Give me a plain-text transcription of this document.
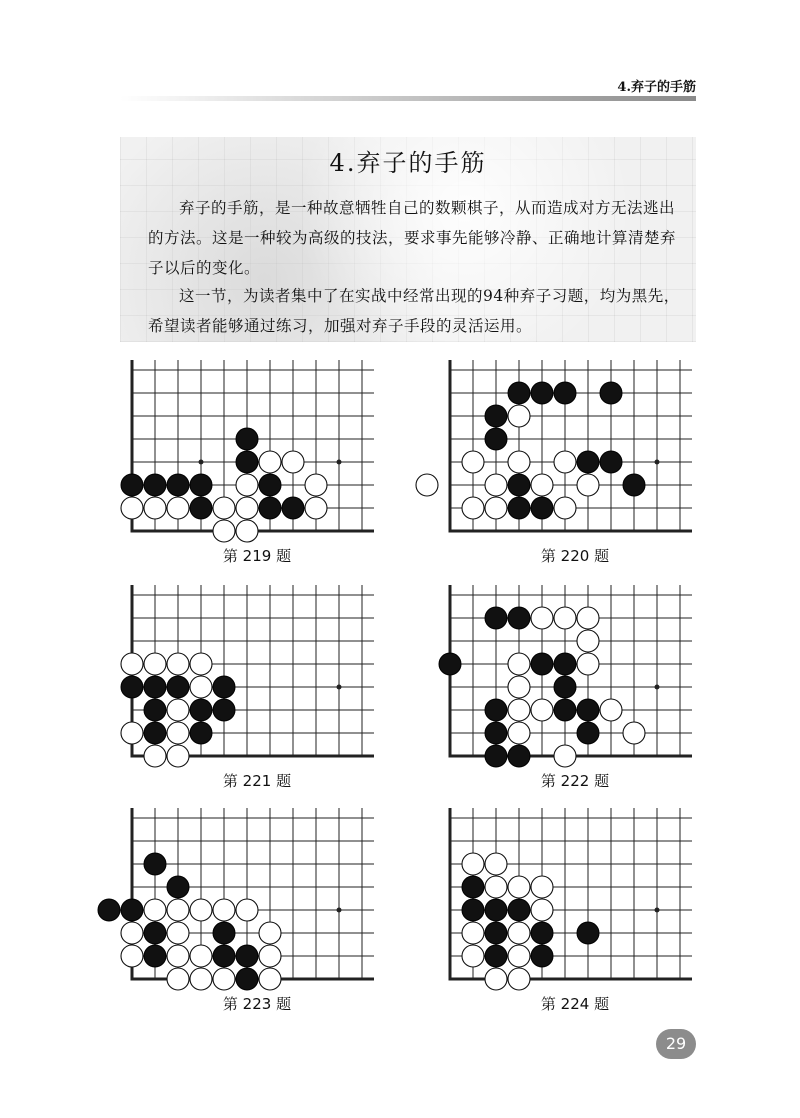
4.弃子的手筋
4.弃子的手筋

弃子的手筋，是一种故意牺牲自己的数颗棋子，从而造成对方无法逃出的方法。这是一种较为高级的技法，要求事先能够冷静、正确地计算清楚弃子以后的变化。

这一节，为读者集中了在实战中经常出现的94种弃子习题，均为黑先，希望读者能够通过练习，加强对弃子手段的灵活运用。

第 219 题	第 220 题
第 221 题	第 222 题
第 223 题	第 224 题
29
